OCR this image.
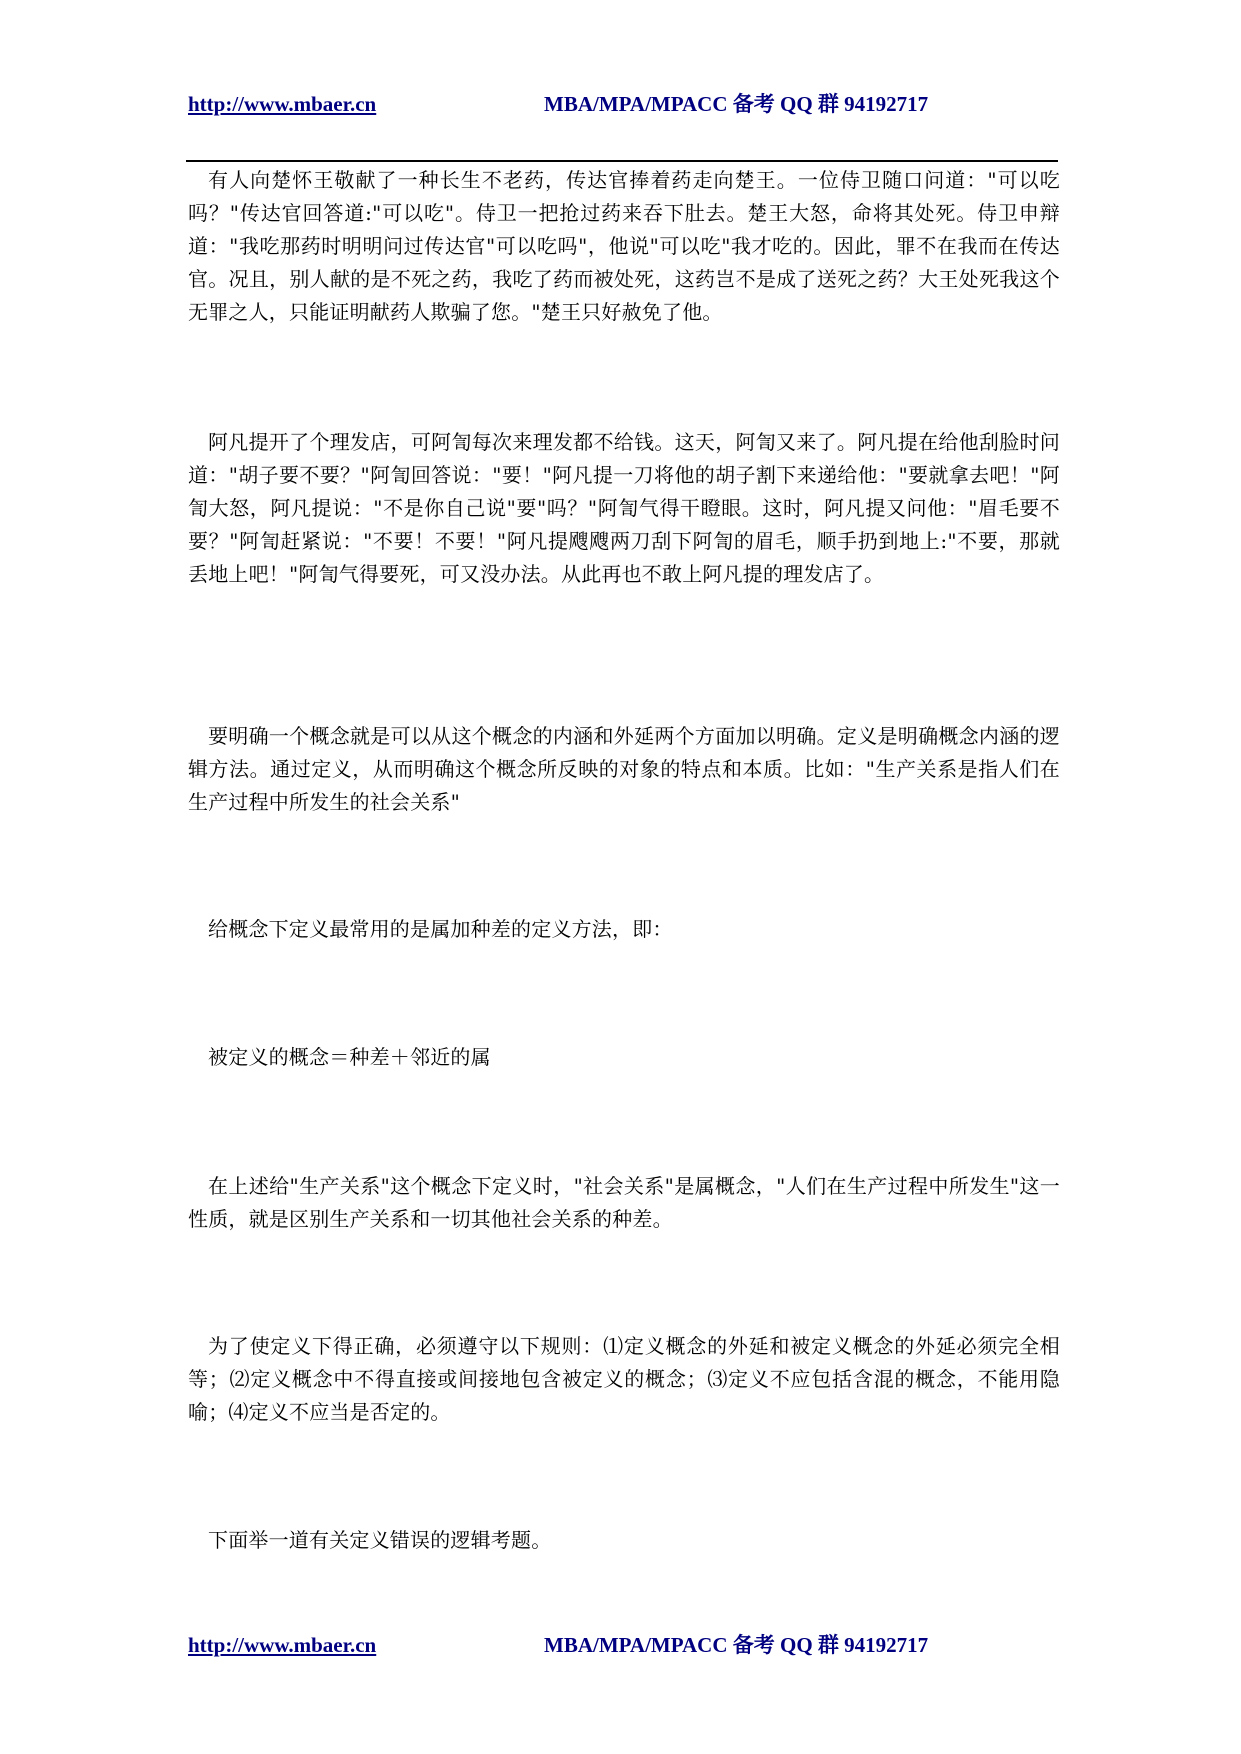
http://www.mbaer.cn	MBA/MPA/MPACC 备考 QQ 群 94192717

有人向楚怀王敬献了一种长生不老药，传达官捧着药走向楚王。一位侍卫随口问道："可以吃吗？"传达官回答道:"可以吃"。侍卫一把抢过药来吞下肚去。楚王大怒，命将其处死。侍卫申辩道："我吃那药时明明问过传达官"可以吃吗"，他说"可以吃"我才吃的。因此，罪不在我而在传达官。况且，别人献的是不死之药，我吃了药而被处死，这药岂不是成了送死之药？大王处死我这个无罪之人，只能证明献药人欺骗了您。"楚王只好赦免了他。

阿凡提开了个理发店，可阿訇每次来理发都不给钱。这天，阿訇又来了。阿凡提在给他刮脸时问道："胡子要不要？"阿訇回答说："要！"阿凡提一刀将他的胡子割下来递给他："要就拿去吧！"阿訇大怒，阿凡提说："不是你自己说"要"吗？"阿訇气得干瞪眼。这时，阿凡提又问他："眉毛要不要？"阿訇赶紧说："不要！不要！"阿凡提飕飕两刀刮下阿訇的眉毛，顺手扔到地上:"不要，那就丢地上吧！"阿訇气得要死，可又没办法。从此再也不敢上阿凡提的理发店了。

要明确一个概念就是可以从这个概念的内涵和外延两个方面加以明确。定义是明确概念内涵的逻辑方法。通过定义，从而明确这个概念所反映的对象的特点和本质。比如："生产关系是指人们在生产过程中所发生的社会关系"

给概念下定义最常用的是属加种差的定义方法，即：

被定义的概念＝种差＋邻近的属

在上述给"生产关系"这个概念下定义时，"社会关系"是属概念，"人们在生产过程中所发生"这一性质，就是区别生产关系和一切其他社会关系的种差。

为了使定义下得正确，必须遵守以下规则：⑴定义概念的外延和被定义概念的外延必须完全相等；⑵定义概念中不得直接或间接地包含被定义的概念；⑶定义不应包括含混的概念，不能用隐喻；⑷定义不应当是否定的。

下面举一道有关定义错误的逻辑考题。

http://www.mbaer.cn	MBA/MPA/MPACC 备考 QQ 群 94192717
